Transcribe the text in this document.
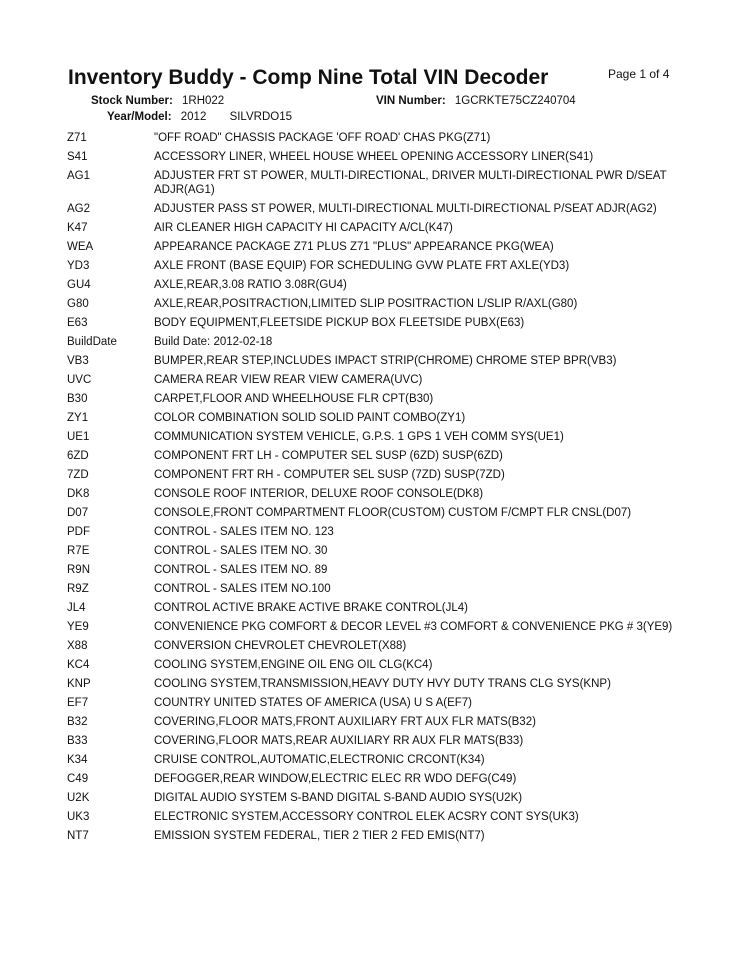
Inventory Buddy - Comp Nine Total VIN Decoder	Page 1 of 4
Stock Number: 1RH022	VIN Number: 1GCRKTE75CZ240704
Year/Model: 2012 SILVRDO15
Z71	"OFF ROAD" CHASSIS PACKAGE 'OFF ROAD' CHAS PKG(Z71)
S41	ACCESSORY LINER, WHEEL HOUSE WHEEL OPENING ACCESSORY LINER(S41)
AG1	ADJUSTER FRT ST POWER, MULTI-DIRECTIONAL, DRIVER MULTI-DIRECTIONAL PWR D/SEAT ADJR(AG1)
AG2	ADJUSTER PASS ST POWER, MULTI-DIRECTIONAL MULTI-DIRECTIONAL P/SEAT ADJR(AG2)
K47	AIR CLEANER HIGH CAPACITY HI CAPACITY A/CL(K47)
WEA	APPEARANCE PACKAGE Z71 PLUS Z71 "PLUS" APPEARANCE PKG(WEA)
YD3	AXLE FRONT (BASE EQUIP) FOR SCHEDULING GVW PLATE FRT AXLE(YD3)
GU4	AXLE,REAR,3.08 RATIO 3.08R(GU4)
G80	AXLE,REAR,POSITRACTION,LIMITED SLIP POSITRACTION L/SLIP R/AXL(G80)
E63	BODY EQUIPMENT,FLEETSIDE PICKUP BOX FLEETSIDE PUBX(E63)
BuildDate	Build Date: 2012-02-18
VB3	BUMPER,REAR STEP,INCLUDES IMPACT STRIP(CHROME) CHROME STEP BPR(VB3)
UVC	CAMERA REAR VIEW REAR VIEW CAMERA(UVC)
B30	CARPET,FLOOR AND WHEELHOUSE FLR CPT(B30)
ZY1	COLOR COMBINATION SOLID SOLID PAINT COMBO(ZY1)
UE1	COMMUNICATION SYSTEM VEHICLE, G.P.S. 1 GPS 1 VEH COMM SYS(UE1)
6ZD	COMPONENT FRT LH - COMPUTER SEL SUSP (6ZD) SUSP(6ZD)
7ZD	COMPONENT FRT RH - COMPUTER SEL SUSP (7ZD) SUSP(7ZD)
DK8	CONSOLE ROOF INTERIOR, DELUXE ROOF CONSOLE(DK8)
D07	CONSOLE,FRONT COMPARTMENT FLOOR(CUSTOM) CUSTOM F/CMPT FLR CNSL(D07)
PDF	CONTROL - SALES ITEM NO. 123
R7E	CONTROL - SALES ITEM NO. 30
R9N	CONTROL - SALES ITEM NO. 89
R9Z	CONTROL - SALES ITEM NO.100
JL4	CONTROL ACTIVE BRAKE ACTIVE BRAKE CONTROL(JL4)
YE9	CONVENIENCE PKG COMFORT & DECOR LEVEL #3 COMFORT & CONVENIENCE PKG # 3(YE9)
X88	CONVERSION CHEVROLET CHEVROLET(X88)
KC4	COOLING SYSTEM,ENGINE OIL ENG OIL CLG(KC4)
KNP	COOLING SYSTEM,TRANSMISSION,HEAVY DUTY HVY DUTY TRANS CLG SYS(KNP)
EF7	COUNTRY UNITED STATES OF AMERICA (USA) U S A(EF7)
B32	COVERING,FLOOR MATS,FRONT AUXILIARY FRT AUX FLR MATS(B32)
B33	COVERING,FLOOR MATS,REAR AUXILIARY RR AUX FLR MATS(B33)
K34	CRUISE CONTROL,AUTOMATIC,ELECTRONIC CRCONT(K34)
C49	DEFOGGER,REAR WINDOW,ELECTRIC ELEC RR WDO DEFG(C49)
U2K	DIGITAL AUDIO SYSTEM S-BAND DIGITAL S-BAND AUDIO SYS(U2K)
UK3	ELECTRONIC SYSTEM,ACCESSORY CONTROL ELEK ACSRY CONT SYS(UK3)
NT7	EMISSION SYSTEM FEDERAL, TIER 2 TIER 2 FED EMIS(NT7)
